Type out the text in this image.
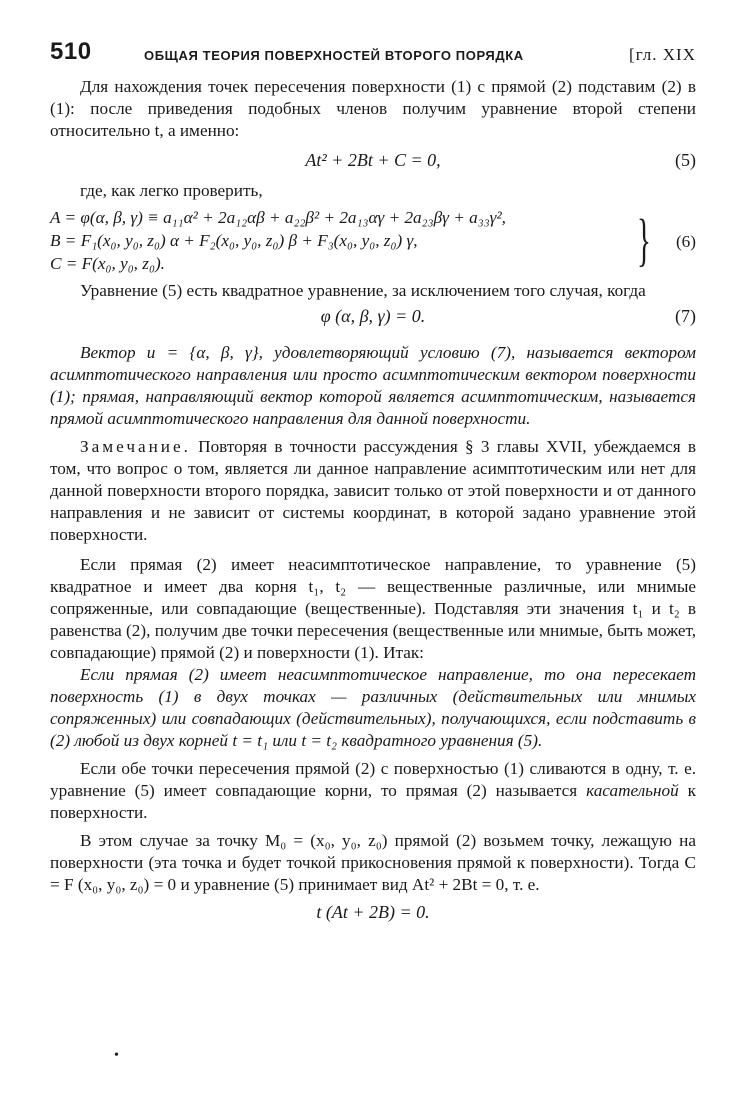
510	ОБЩАЯ ТЕОРИЯ ПОВЕРХНОСТЕЙ ВТОРОГО ПОРЯДКА	[гл. XIX

Для нахождения точек пересечения поверхности (1) с прямой (2) подставим (2) в (1): после приведения подобных членов получим уравнение второй степени относительно t, а именно:

At² + 2Bt + C = 0,	(5)

где, как легко проверить,

A = φ(α, β, γ) ≡ a₁₁α² + 2a₁₂αβ + a₂₂β² + 2a₁₃αγ + 2a₂₃βγ + a₃₃γ²,
B = F₁(x₀, y₀, z₀) α + F₂(x₀, y₀, z₀) β + F₃(x₀, y₀, z₀) γ,
C = F(x₀, y₀, z₀).	} (6)

Уравнение (5) есть квадратное уравнение, за исключением того случая, когда

φ (α, β, γ) = 0.	(7)

Вектор u = {α, β, γ}, удовлетворяющий условию (7), называется вектором асимптотического направления или просто асимптотическим вектором поверхности (1); прямая, направляющий вектор которой является асимптотическим, называется прямой асимптотического направления для данной поверхности.

Замечание. Повторяя в точности рассуждения § 3 главы XVII, убеждаемся в том, что вопрос о том, является ли данное направление асимптотическим или нет для данной поверхности второго порядка, зависит только от этой поверхности и от данного направления и не зависит от системы координат, в которой задано уравнение этой поверхности.

Если прямая (2) имеет неасимптотическое направление, то уравнение (5) квадратное и имеет два корня t₁, t₂ — вещественные различные, или мнимые сопряженные, или совпадающие (вещественные). Подставляя эти значения t₁ и t₂ в равенства (2), получим две точки пересечения (вещественные или мнимые, быть может, совпадающие) прямой (2) и поверхности (1). Итак:

Если прямая (2) имеет неасимптотическое направление, то она пересекает поверхность (1) в двух точках — различных (действительных или мнимых сопряженных) или совпадающих (действительных), получающихся, если подставить в (2) любой из двух корней t = t₁ или t = t₂ квадратного уравнения (5).

Если обе точки пересечения прямой (2) с поверхностью (1) сливаются в одну, т. е. уравнение (5) имеет совпадающие корни, то прямая (2) называется касательной к поверхности.

В этом случае за точку M₀ = (x₀, y₀, z₀) прямой (2) возьмем точку, лежащую на поверхности (эта точка и будет точкой прикосновения прямой к поверхности). Тогда C = F (x₀, y₀, z₀) = 0 и уравнение (5) принимает вид At² + 2Bt = 0, т. е.

t (At + 2B) = 0.
•
